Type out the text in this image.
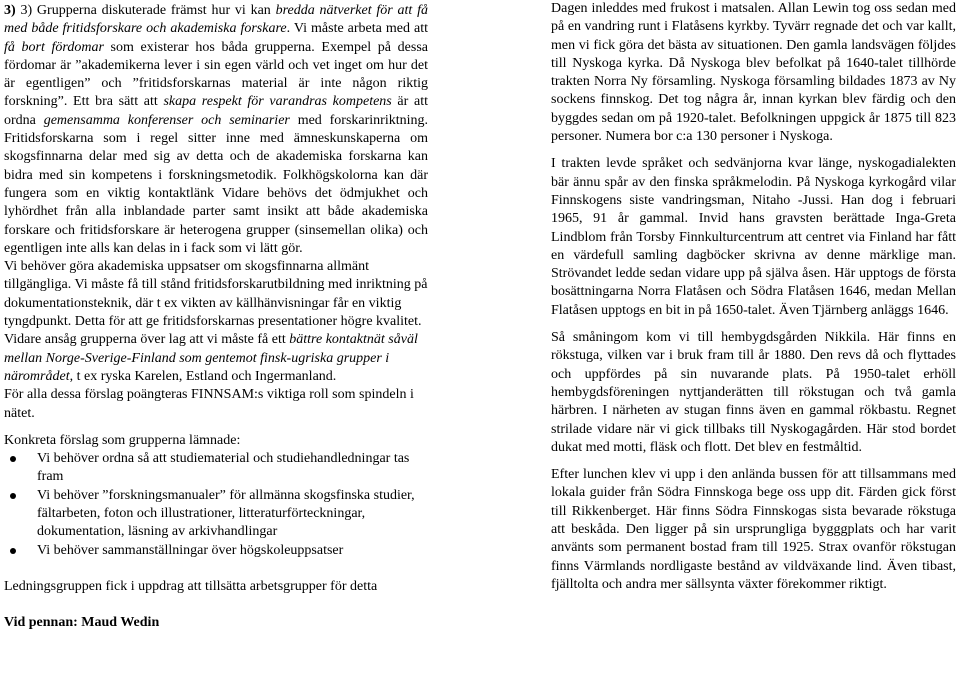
3) 3) Grupperna diskuterade främst hur vi kan bredda nätverket för att få med både fritidsforskare och akademiska forskare. Vi måste arbeta med att få bort fördomar som existerar hos båda grupperna. Exempel på dessa fördomar är ”akademikerna lever i sin egen värld och vet inget om hur det är egentligen” och ”fritidsforskarnas material är inte någon riktig forskning”. Ett bra sätt att skapa respekt för varandras kompetens är att ordna gemensamma konferenser och seminarier med forskarinriktning. Fritidsforskarna som i regel sitter inne med ämneskunskaperna om skogsfinnarna delar med sig av detta och de akademiska forskarna kan bidra med sin kompetens i forskningsmetodik. Folkhögskolorna kan där fungera som en viktig kontaktlänk Vidare behövs det ödmjukhet och lyhördhet från alla inblandade parter samt insikt att både akademiska forskare och fritidsforskare är heterogena grupper (sinsemellan olika) och egentligen inte alls kan delas in i fack som vi lätt gör.

Vi behöver göra akademiska uppsatser om skogsfinnarna allmänt tillgängliga. Vi måste få till stånd fritidsforskarutbildning med inriktning på dokumentationsteknik, där t ex vikten av källhänvisningar får en viktig tyngdpunkt. Detta för att ge fritidsforskarnas presentationer högre kvalitet.

Vidare ansåg grupperna över lag att vi måste få ett bättre kontaktnät såväl mellan Norge-Sverige-Finland som gentemot finsk-ugriska grupper i närområdet, t ex ryska Karelen, Estland och Ingermanland.

För alla dessa förslag poängteras FINNSAM:s viktiga roll som spindeln i nätet.

Konkreta förslag som grupperna lämnade:

Vi behöver ordna så att studiematerial och studiehandledningar tas fram
Vi behöver ”forskningsmanualer” för allmänna skogsfinska studier, fältarbeten, foton och illustrationer, litteraturförteckningar, dokumentation, läsning av arkivhandlingar
Vi behöver sammanställningar över högskoleuppsatser

Ledningsgruppen fick i uppdrag att tillsätta arbetsgrupper för detta

Vid pennan: Maud Wedin

Dagen inleddes med frukost i matsalen. Allan Lewin tog oss sedan med på en vandring runt i Flatåsens kyrkby. Tyvärr regnade det och var kallt, men vi fick göra det bästa av situationen. Den gamla landsvägen följdes till Nyskoga kyrka. Då Nyskoga blev befolkat på 1640-talet tillhörde trakten Norra Ny församling. Nyskoga församling bildades 1873 av Ny sockens finnskog. Det tog några år, innan kyrkan blev färdig och den byggdes sedan om på 1920-talet. Befolkningen uppgick år 1875 till 823 personer. Numera bor c:a 130 personer i Nyskoga.

I trakten levde språket och sedvänjorna kvar länge, nyskogadialekten bär ännu spår av den finska språkmelodin. På Nyskoga kyrkogård vilar Finnskogens siste vandringsman, Nitaho -Jussi. Han dog i februari 1965, 91 år gammal. Invid hans gravsten berättade Inga-Greta Lindblom från Torsby Finnkulturcentrum att centret via Finland har fått en värdefull samling dagböcker skrivna av denne märklige man. Strövandet ledde sedan vidare upp på själva åsen. Här upptogs de första bosättningarna Norra Flatåsen och Södra Flatåsen 1646, medan Mellan Flatåsen upptogs en bit in på 1650-talet. Även Tjärnberg anläggs 1646.

Så småningom kom vi till hembygdsgården Nikkila. Här finns en rökstuga, vilken var i bruk fram till år 1880. Den revs då och flyttades och uppfördes på sin nuvarande plats. På 1950-talet erhöll hembygdsföreningen nyttjanderätten till rökstugan och två gamla härbren. I närheten av stugan finns även en gammal rökbastu. Regnet strilade vidare när vi gick tillbaks till Nyskogagården. Här stod bordet dukat med motti, fläsk och flott. Det blev en festmåltid.

Efter lunchen klev vi upp i den anlända bussen för att tillsammans med lokala guider från Södra Finnskoga bege oss upp dit. Färden gick först till Rikkenberget. Här finns Södra Finnskogas sista bevarade rökstuga att beskåda. Den ligger på sin ursprungliga bygggplats och har varit använts som permanent bostad fram till 1925. Strax ovanför rökstugan finns Värmlands nordligaste bestånd av vildväxande lind. Även tibast, fjälltolta och andra mer sällsynta växter förekommer riktigt.
